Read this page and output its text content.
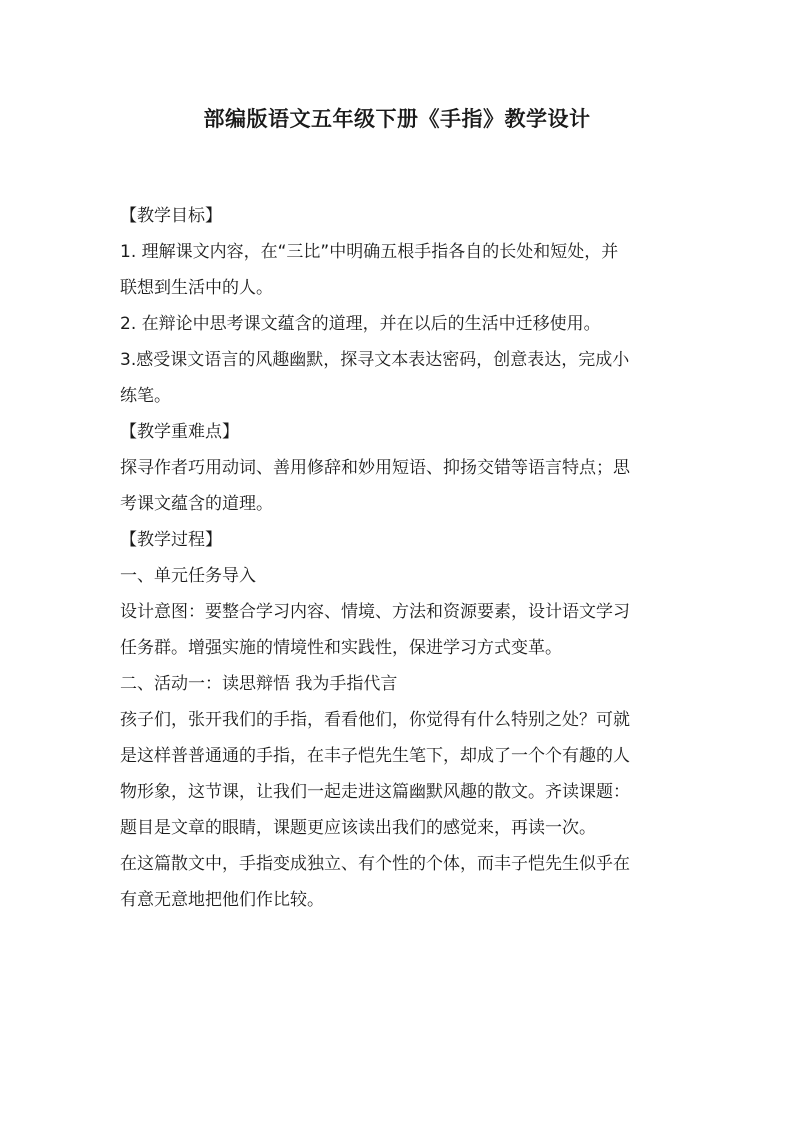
部编版语文五年级下册《手指》教学设计
【教学目标】
1. 理解课文内容，在“三比”中明确五根手指各自的长处和短处，并
联想到生活中的人。
2. 在辩论中思考课文蕴含的道理，并在以后的生活中迁移使用。
3.感受课文语言的风趣幽默，探寻文本表达密码，创意表达，完成小
练笔。
【教学重难点】
探寻作者巧用动词、善用修辞和妙用短语、抑扬交错等语言特点；思
考课文蕴含的道理。
【教学过程】
一、单元任务导入
设计意图：要整合学习内容、情境、方法和资源要素，设计语文学习
任务群。增强实施的情境性和实践性，保进学习方式变革。
二、活动一：读思辩悟 我为手指代言
孩子们，张开我们的手指，看看他们，你觉得有什么特别之处？可就
是这样普普通通的手指，在丰子恺先生笔下，却成了一个个有趣的人
物形象，这节课，让我们一起走进这篇幽默风趣的散文。齐读课题：
题目是文章的眼睛，课题更应该读出我们的感觉来，再读一次。
在这篇散文中，手指变成独立、有个性的个体，而丰子恺先生似乎在
有意无意地把他们作比较。
